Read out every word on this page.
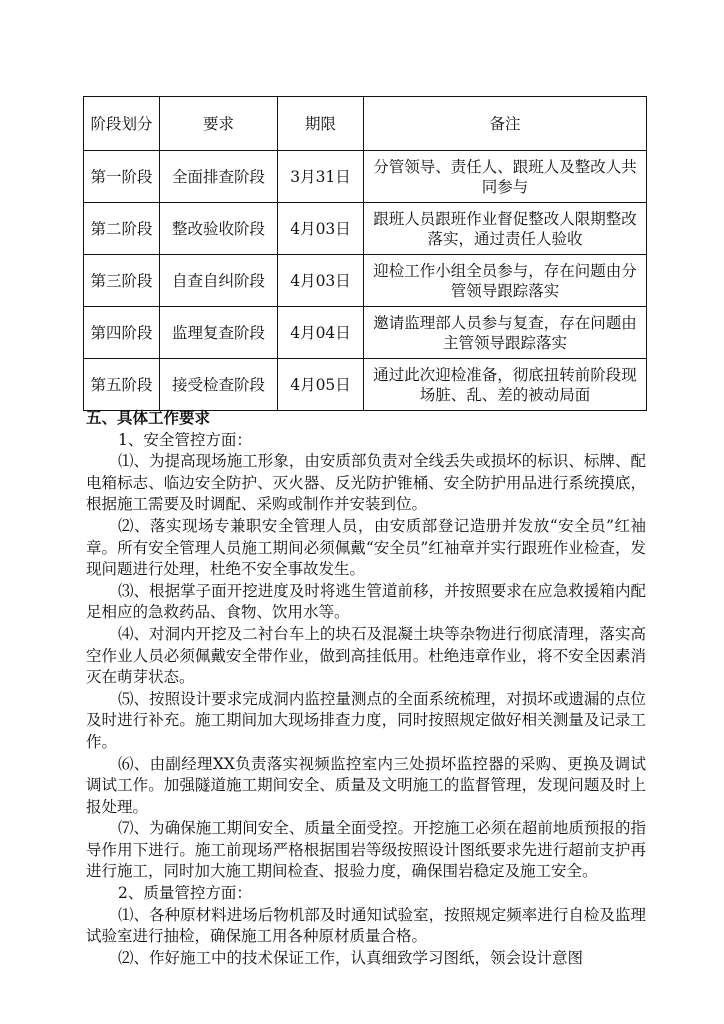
阶段划分	要求	期限	备注
第一阶段	全面排查阶段	3月31日	分管领导、责任人、跟班人及整改人共同参与
第二阶段	整改验收阶段	4月03日	跟班人员跟班作业督促整改人限期整改落实，通过责任人验收
第三阶段	自查自纠阶段	4月03日	迎检工作小组全员参与，存在问题由分管领导跟踪落实
第四阶段	监理复查阶段	4月04日	邀请监理部人员参与复查，存在问题由主管领导跟踪落实
第五阶段	接受检查阶段	4月05日	通过此次迎检准备，彻底扭转前阶段现场脏、乱、差的被动局面

五、具体工作要求

1、安全管控方面：

⑴、为提高现场施工形象，由安质部负责对全线丢失或损坏的标识、标牌、配电箱标志、临边安全防护、灭火器、反光防护锥桶、安全防护用品进行系统摸底，根据施工需要及时调配、采购或制作并安装到位。

⑵、落实现场专兼职安全管理人员，由安质部登记造册并发放“安全员”红袖章。所有安全管理人员施工期间必须佩戴“安全员”红袖章并实行跟班作业检查，发现问题进行处理，杜绝不安全事故发生。

⑶、根据掌子面开挖进度及时将逃生管道前移，并按照要求在应急救援箱内配足相应的急救药品、食物、饮用水等。

⑷、对洞内开挖及二衬台车上的块石及混凝土块等杂物进行彻底清理，落实高空作业人员必须佩戴安全带作业，做到高挂低用。杜绝违章作业，将不安全因素消灭在萌芽状态。

⑸、按照设计要求完成洞内监控量测点的全面系统梳理，对损坏或遗漏的点位及时进行补充。施工期间加大现场排查力度，同时按照规定做好相关测量及记录工作。

⑹、由副经理XX负责落实视频监控室内三处损坏监控器的采购、更换及调试调试工作。加强隧道施工期间安全、质量及文明施工的监督管理，发现问题及时上报处理。

⑺、为确保施工期间安全、质量全面受控。开挖施工必须在超前地质预报的指导作用下进行。施工前现场严格根据围岩等级按照设计图纸要求先进行超前支护再进行施工，同时加大施工期间检查、报验力度，确保围岩稳定及施工安全。

2、质量管控方面：

⑴、各种原材料进场后物机部及时通知试验室，按照规定频率进行自检及监理试验室进行抽检，确保施工用各种原材质量合格。

⑵、作好施工中的技术保证工作，认真细致学习图纸，领会设计意图
